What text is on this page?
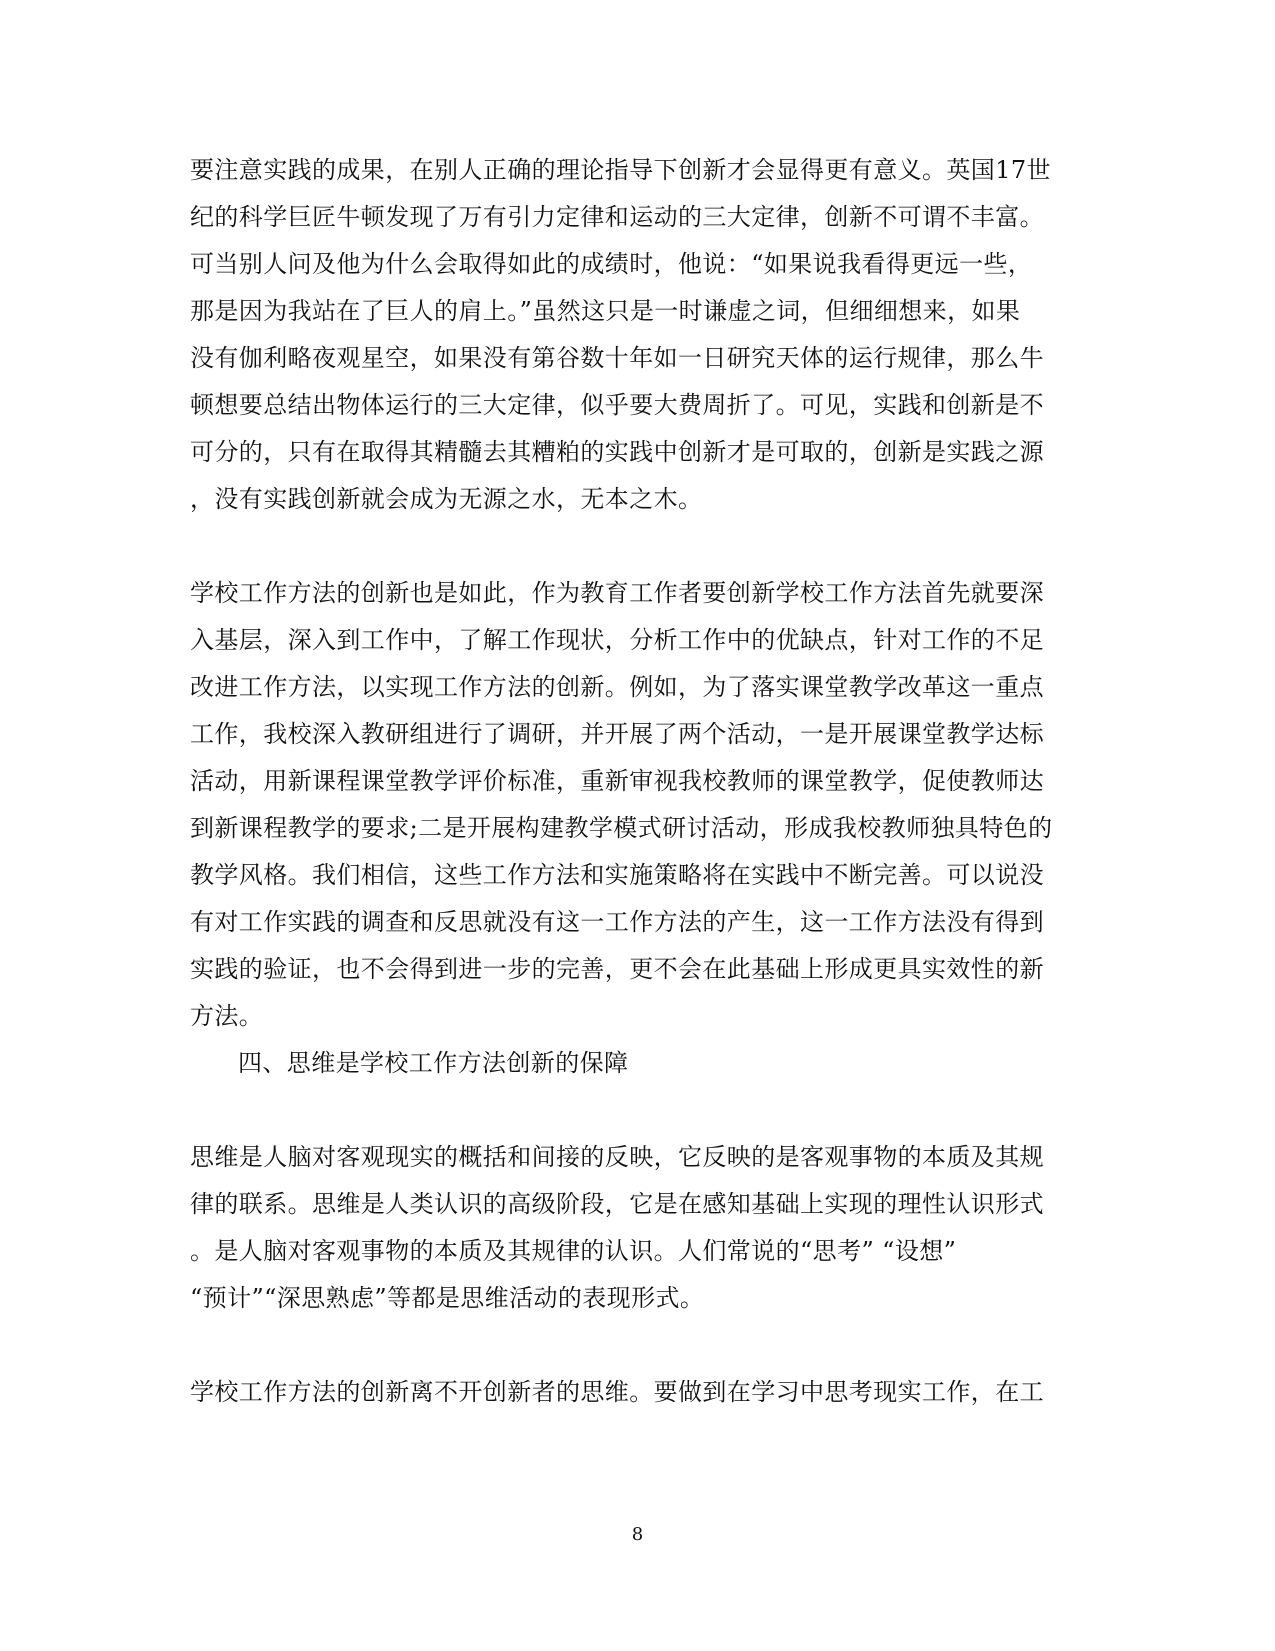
要注意实践的成果，在别人正确的理论指导下创新才会显得更有意义。英国17世
纪的科学巨匠牛顿发现了万有引力定律和运动的三大定律，创新不可谓不丰富。
可当别人问及他为什么会取得如此的成绩时，他说：“如果说我看得更远一些，
那是因为我站在了巨人的肩上。”虽然这只是一时谦虚之词，但细细想来，如果
没有伽利略夜观星空，如果没有第谷数十年如一日研究天体的运行规律，那么牛
顿想要总结出物体运行的三大定律，似乎要大费周折了。可见，实践和创新是不
可分的，只有在取得其精髓去其糟粕的实践中创新才是可取的，创新是实践之源
，没有实践创新就会成为无源之水，无本之木。
学校工作方法的创新也是如此，作为教育工作者要创新学校工作方法首先就要深
入基层，深入到工作中，了解工作现状，分析工作中的优缺点，针对工作的不足
改进工作方法，以实现工作方法的创新。例如，为了落实课堂教学改革这一重点
工作，我校深入教研组进行了调研，并开展了两个活动，一是开展课堂教学达标
活动，用新课程课堂教学评价标准，重新审视我校教师的课堂教学，促使教师达
到新课程教学的要求;二是开展构建教学模式研讨活动，形成我校教师独具特色的
教学风格。我们相信，这些工作方法和实施策略将在实践中不断完善。可以说没
有对工作实践的调查和反思就没有这一工作方法的产生，这一工作方法没有得到
实践的验证，也不会得到进一步的完善，更不会在此基础上形成更具实效性的新
方法。
四、思维是学校工作方法创新的保障
思维是人脑对客观现实的概括和间接的反映，它反映的是客观事物的本质及其规
律的联系。思维是人类认识的高级阶段，它是在感知基础上实现的理性认识形式
。是人脑对客观事物的本质及其规律的认识。人们常说的“思考” “设想”
“预计”“深思熟虑”等都是思维活动的表现形式。
学校工作方法的创新离不开创新者的思维。要做到在学习中思考现实工作，在工
8
